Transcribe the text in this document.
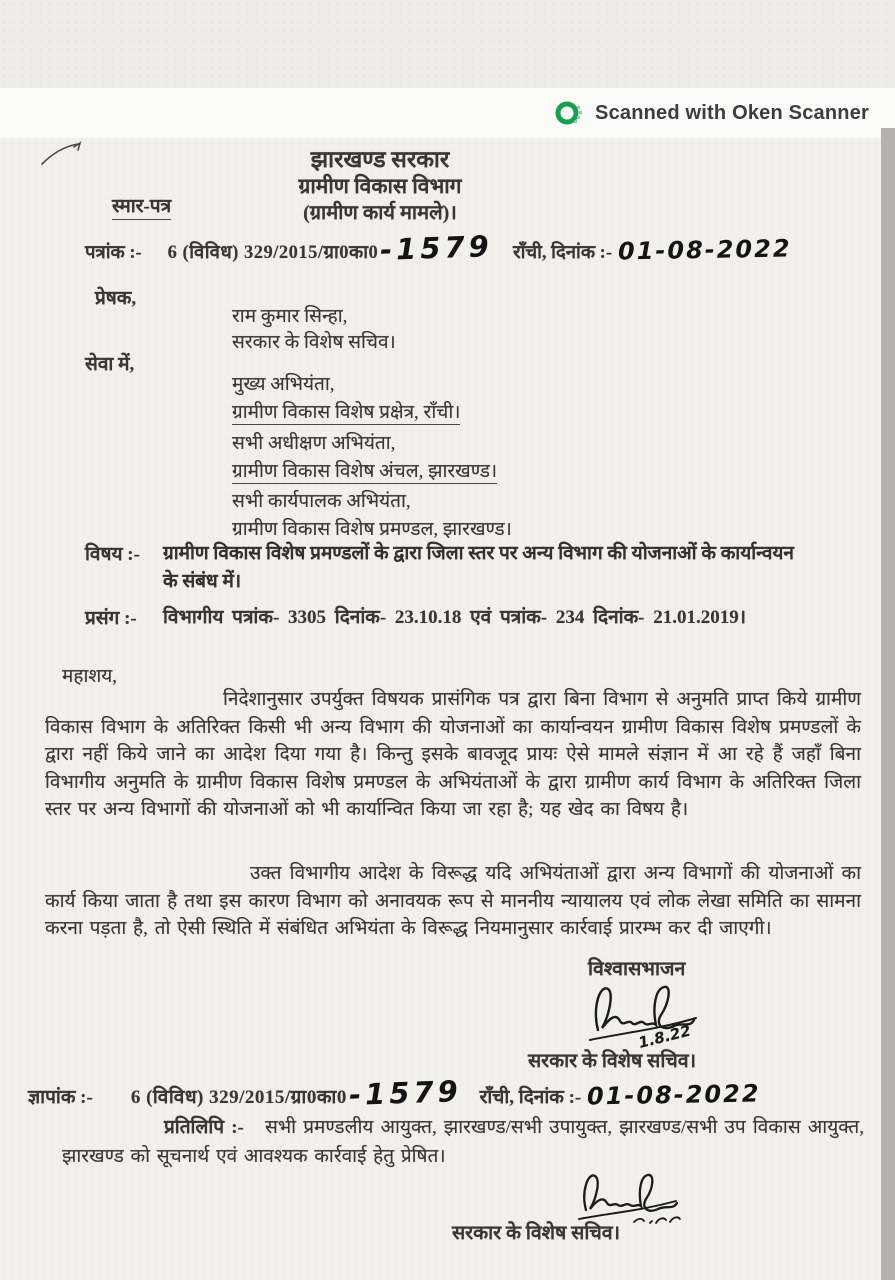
Scanned with Oken Scanner
झारखण्ड सरकार
ग्रामीण विकास विभाग
(ग्रामीण कार्य मामले)।
स्मार-पत्र
पत्रांक :- 6 (विविध) 329/2015/ग्रा0का0 -1579 राँची, दिनांक :- 01-08-2022
प्रेषक,
राम कुमार सिन्हा,
सरकार के विशेष सचिव।
सेवा में,
मुख्य अभियंता,
ग्रामीण विकास विशेष प्रक्षेत्र, राँची।
सभी अधीक्षण अभियंता,
ग्रामीण विकास विशेष अंचल, झारखण्ड।
सभी कार्यपालक अभियंता,
ग्रामीण विकास विशेष प्रमण्डल, झारखण्ड।
विषय :- ग्रामीण विकास विशेष प्रमण्डलों के द्वारा जिला स्तर पर अन्य विभाग की योजनाओं के कार्यान्वयन के संबंध में।
प्रसंग :- विभागीय पत्रांक- 3305 दिनांक- 23.10.18 एवं पत्रांक- 234 दिनांक- 21.01.2019।
महाशय,
निदेशानुसार उपर्युक्त विषयक प्रासंगिक पत्र द्वारा बिना विभाग से अनुमति प्राप्त किये ग्रामीण विकास विभाग के अतिरिक्त किसी भी अन्य विभाग की योजनाओं का कार्यान्वयन ग्रामीण विकास विशेष प्रमण्डलों के द्वारा नहीं किये जाने का आदेश दिया गया है। किन्तु इसके बावजूद प्रायः ऐसे मामले संज्ञान में आ रहे हैं जहाँ बिना विभागीय अनुमति के ग्रामीण विकास विशेष प्रमण्डल के अभियंताओं के द्वारा ग्रामीण कार्य विभाग के अतिरिक्त जिला स्तर पर अन्य विभागों की योजनाओं को भी कार्यान्वित किया जा रहा है; यह खेद का विषय है।
उक्त विभागीय आदेश के विरूद्ध यदि अभियंताओं द्वारा अन्य विभागों की योजनाओं का कार्य किया जाता है तथा इस कारण विभाग को अनावयक रूप से माननीय न्यायालय एवं लोक लेखा समिति का सामना करना पड़ता है, तो ऐसी स्थिति में संबंधित अभियंता के विरूद्ध नियमानुसार कार्रवाई प्रारम्भ कर दी जाएगी।
विश्वासभाजन
1.8.22
सरकार के विशेष सचिव।
ज्ञापांक :- 6 (विविध) 329/2015/ग्रा0का0 -1579 राँची, दिनांक :- 01-08-2022
प्रतिलिपि :- सभी प्रमण्डलीय आयुक्त, झारखण्ड/सभी उपायुक्त, झारखण्ड/सभी उप विकास आयुक्त, झारखण्ड को सूचनार्थ एवं आवश्यक कार्रवाई हेतु प्रेषित।
सरकार के विशेष सचिव।
